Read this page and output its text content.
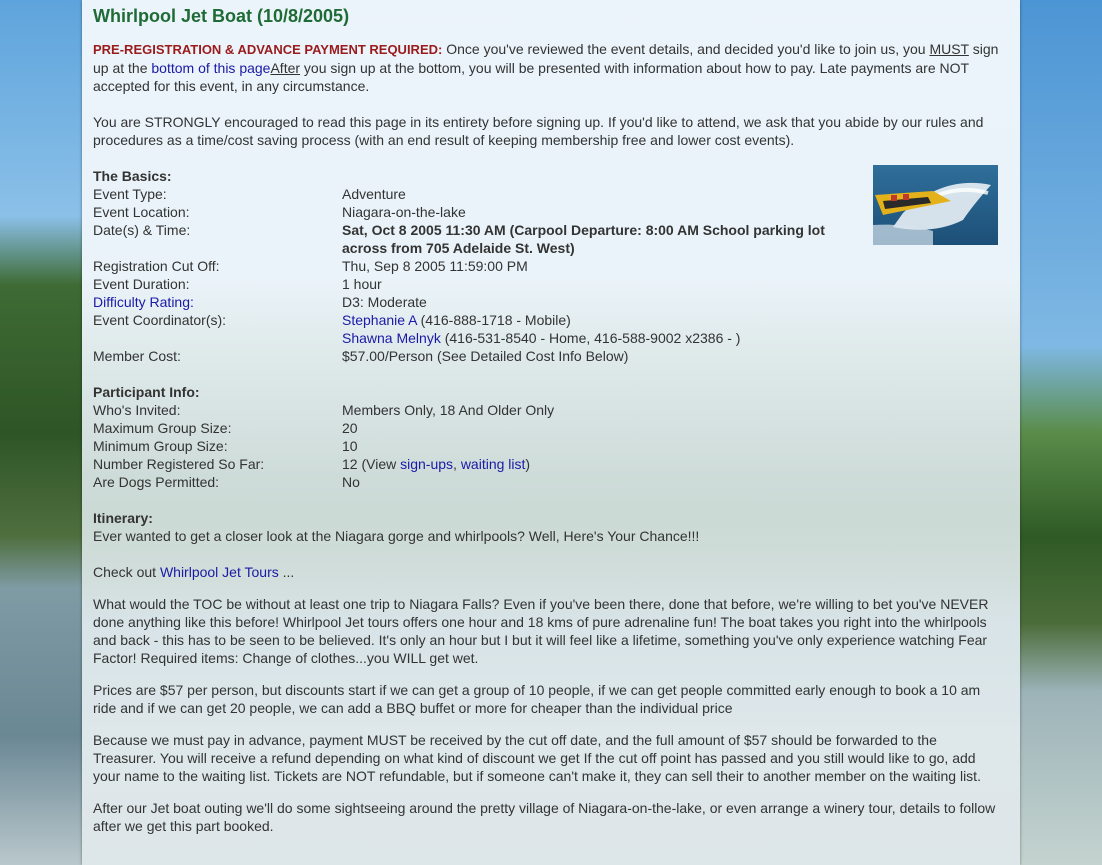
Whirlpool Jet Boat (10/8/2005)

PRE-REGISTRATION & ADVANCE PAYMENT REQUIRED: Once you've reviewed the event details, and decided you'd like to join us, you MUST sign up at the bottom of this pageAfter you sign up at the bottom, you will be presented with information about how to pay. Late payments are NOT accepted for this event, in any circumstance.

You are STRONGLY encouraged to read this page in its entirety before signing up. If you'd like to attend, we ask that you abide by our rules and procedures as a time/cost saving process (with an end result of keeping membership free and lower cost events).

The Basics:
Event Type:	Adventure
Event Location:	Niagara-on-the-lake
Date(s) & Time:	Sat, Oct 8 2005 11:30 AM (Carpool Departure: 8:00 AM School parking lot across from 705 Adelaide St. West)
Registration Cut Off:	Thu, Sep 8 2005 11:59:00 PM
Event Duration:	1 hour
Difficulty Rating:	D3: Moderate
Event Coordinator(s):	Stephanie A (416-888-1718 - Mobile)
Shawna Melnyk (416-531-8540 - Home, 416-588-9002 x2386 - )
Member Cost:	$57.00/Person (See Detailed Cost Info Below)
Participant Info:
Who's Invited:	Members Only, 18 And Older Only
Maximum Group Size:	20
Minimum Group Size:	10
Number Registered So Far:	12 (View sign-ups, waiting list)
Are Dogs Permitted:	No
Itinerary:

Ever wanted to get a closer look at the Niagara gorge and whirlpools? Well, Here's Your Chance!!!

Check out Whirlpool Jet Tours ...

What would the TOC be without at least one trip to Niagara Falls? Even if you've been there, done that before, we're willing to bet you've NEVER done anything like this before! Whirlpool Jet tours offers one hour and 18 kms of pure adrenaline fun! The boat takes you right into the whirlpools and back - this has to be seen to be believed. It's only an hour but I but it will feel like a lifetime, something you've only experience watching Fear Factor! Required items: Change of clothes...you WILL get wet.

Prices are $57 per person, but discounts start if we can get a group of 10 people, if we can get people committed early enough to book a 10 am ride and if we can get 20 people, we can add a BBQ buffet or more for cheaper than the individual price

Because we must pay in advance, payment MUST be received by the cut off date, and the full amount of $57 should be forwarded to the Treasurer. You will receive a refund depending on what kind of discount we get If the cut off point has passed and you still would like to go, add your name to the waiting list. Tickets are NOT refundable, but if someone can't make it, they can sell their to another member on the waiting list.

After our Jet boat outing we'll do some sightseeing around the pretty village of Niagara-on-the-lake, or even arrange a winery tour, details to follow after we get this part booked.
